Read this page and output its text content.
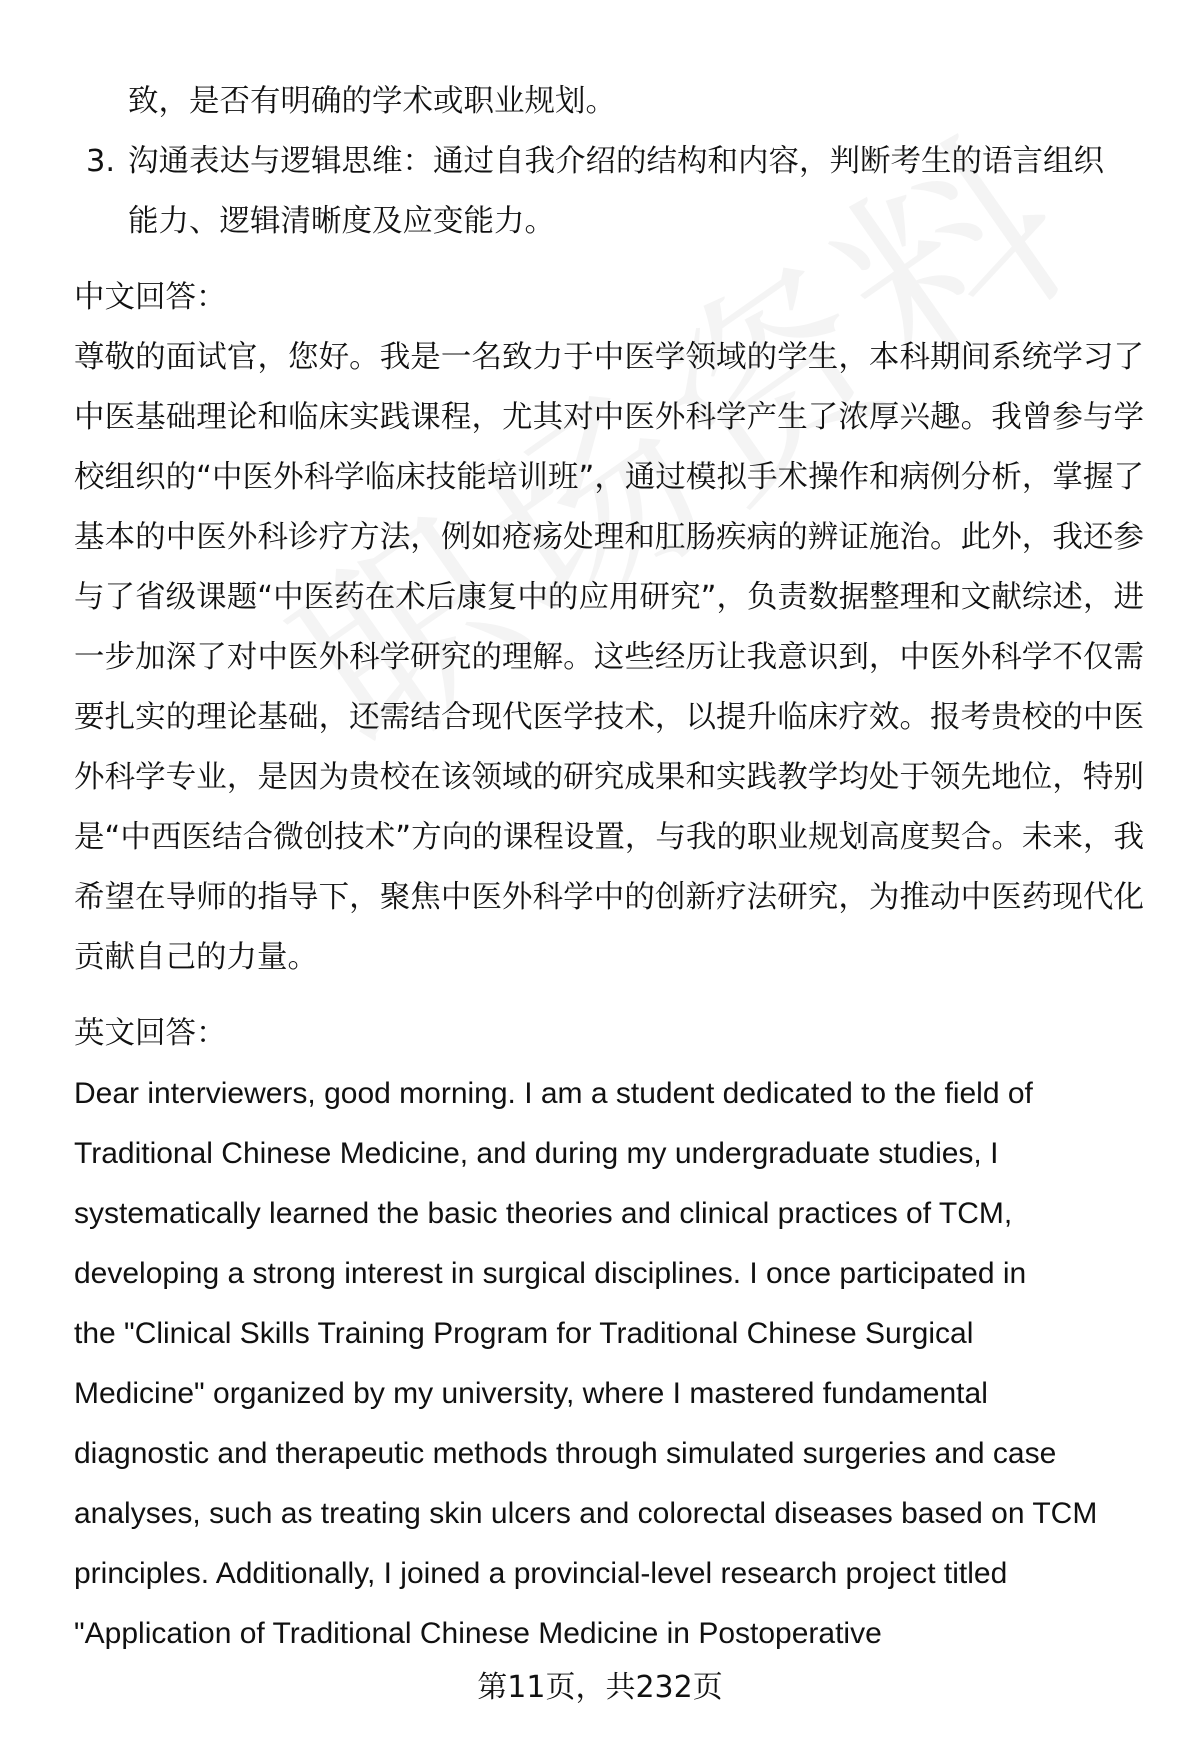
致，是否有明确的学术或职业规划。
3. 沟通表达与逻辑思维：通过自我介绍的结构和内容，判断考生的语言组织能力、逻辑清晰度及应变能力。
中文回答：

尊敬的面试官，您好。我是一名致力于中医学领域的学生，本科期间系统学习了中医基础理论和临床实践课程，尤其对中医外科学产生了浓厚兴趣。我曾参与学校组织的“中医外科学临床技能培训班”，通过模拟手术操作和病例分析，掌握了基本的中医外科诊疗方法，例如疮疡处理和肛肠疾病的辨证施治。此外，我还参与了省级课题“中医药在术后康复中的应用研究”，负责数据整理和文献综述，进一步加深了对中医外科学研究的理解。这些经历让我意识到，中医外科学不仅需要扎实的理论基础，还需结合现代医学技术，以提升临床疗效。报考贵校的中医外科学专业，是因为贵校在该领域的研究成果和实践教学均处于领先地位，特别是“中西医结合微创技术”方向的课程设置，与我的职业规划高度契合。未来，我希望在导师的指导下，聚焦中医外科学中的创新疗法研究，为推动中医药现代化贡献自己的力量。

英文回答：

Dear interviewers, good morning. I am a student dedicated to the field of

Traditional Chinese Medicine, and during my undergraduate studies, I

systematically learned the basic theories and clinical practices of TCM,

developing a strong interest in surgical disciplines. I once participated in

the "Clinical Skills Training Program for Traditional Chinese Surgical

Medicine" organized by my university, where I mastered fundamental

diagnostic and therapeutic methods through simulated surgeries and case

analyses, such as treating skin ulcers and colorectal diseases based on TCM

principles. Additionally, I joined a provincial-level research project titled

"Application of Traditional Chinese Medicine in Postoperative

第11页，共232页
